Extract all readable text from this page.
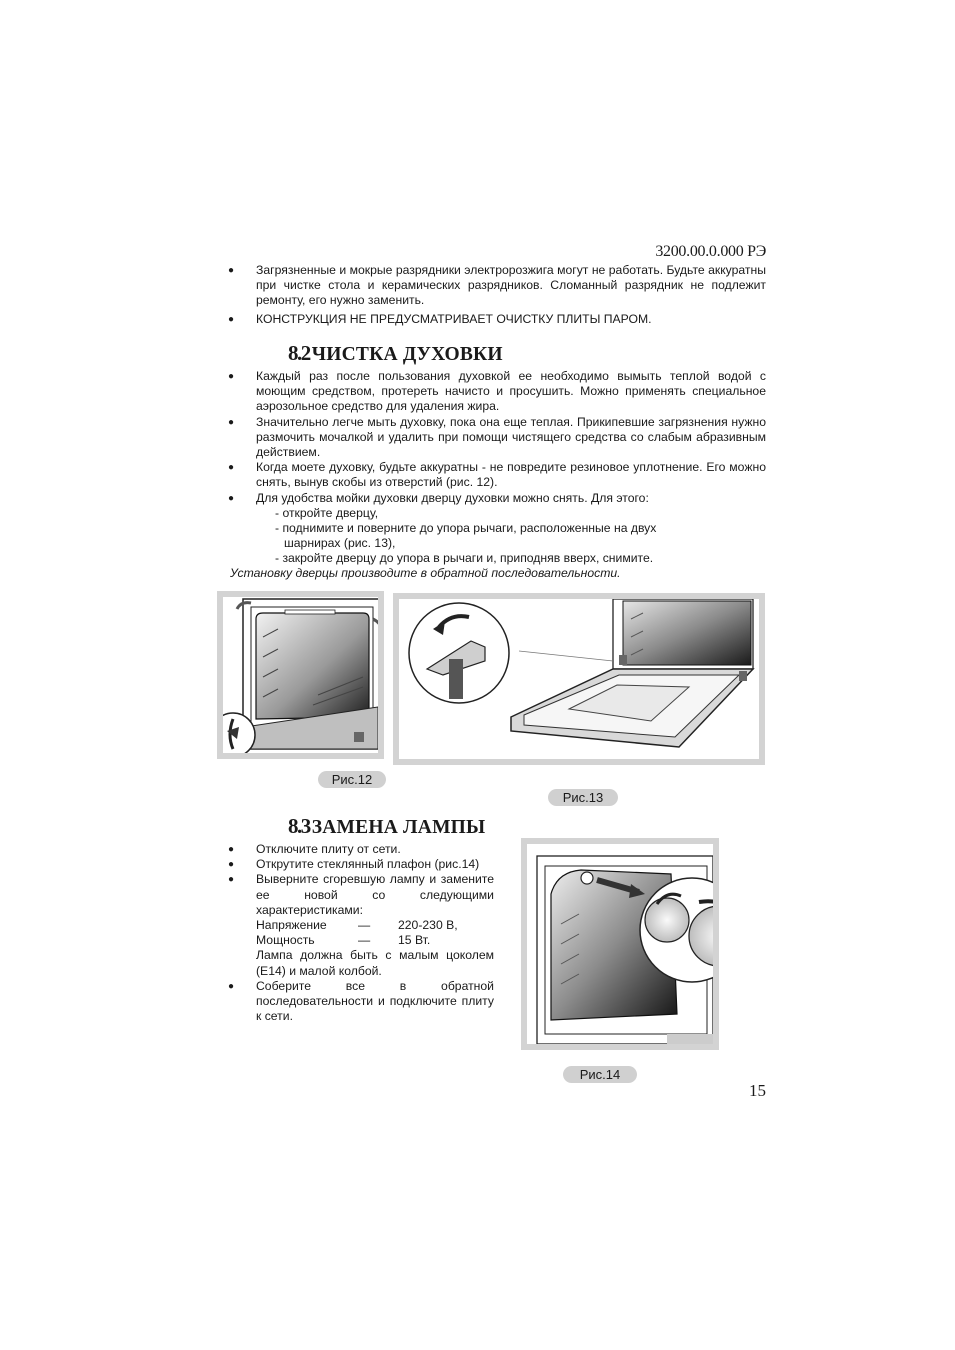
3200.00.0.000 РЭ
● Загрязненные и мокрые разрядники электророзжига могут не работать. Будьте аккуратны при чистке стола и керамических разрядников. Сломанный разрядник не подлежит ремонту, его нужно заменить.
● КОНСТРУКЦИЯ НЕ ПРЕДУСМАТРИВАЕТ ОЧИСТКУ ПЛИТЫ ПАРОМ.
8.2 ЧИСТКА ДУХОВКИ
● Каждый раз после пользования духовкой ее необходимо вымыть теплой водой с моющим средством, протереть начисто и просушить. Можно применять специальное аэрозольное средство для удаления жира.
● Значительно легче мыть духовку, пока она еще теплая. Прикипевшие загрязнения нужно размочить мочалкой и удалить при помощи чистящего средства со слабым абразивным действием.
● Когда моете духовку, будьте аккуратны - не повредите резиновое уплотнение. Его можно снять, вынув скобы из отверстий (рис. 12).
● Для удобства мойки духовки дверцу духовки можно снять. Для этого:
- откройте дверцу,
- поднимите и поверните до упора рычаги, расположенные на двух
шарнирах (рис. 13),
- закройте дверцу до упора в рычаги и, приподняв вверх, снимите.
Установку дверцы производите в обратной последовательности.
Рис.12
Рис.13
8.3 ЗАМЕНА ЛАМПЫ
● Отключите плиту от сети.
● Открутите стеклянный плафон (рис.14)
● Выверните сгоревшую лампу и замените ее новой со следующими характеристиками:
Напряжение	—	220-230 В,
Мощность	—	15 Вт.
Лампа должна быть с малым цоколем (Е14) и малой колбой.
● Соберите все в обратной последовательности и подключите плиту к сети.
Рис.14
15
